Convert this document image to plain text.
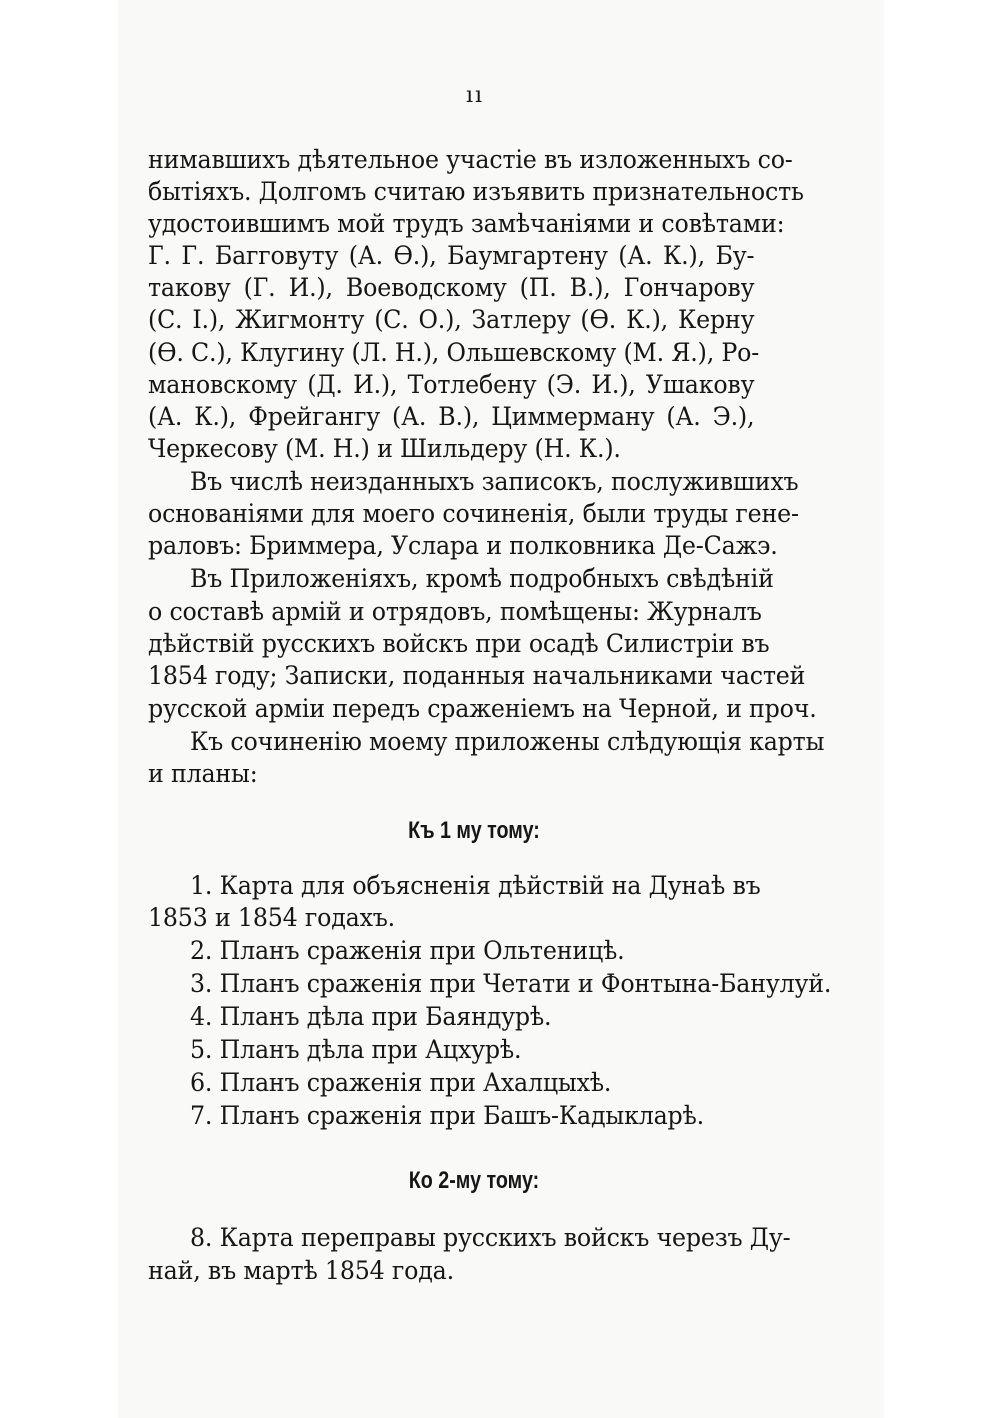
ıı
нимавшихъ дѣятельное участіе въ изложенныхъ со-
бытіяхъ. Долгомъ считаю изъявить признательность
удостоившимъ мой трудъ замѣчаніями и совѣтами:
Г. Г. Багговуту (А. Ѳ.), Баумгартену (А. К.), Бу-
такову (Г. И.), Воеводскому (П. В.), Гончарову
(С. І.), Жигмонту (С. О.), Затлеру (Ѳ. К.), Керну
(Ѳ. С.), Клугину (Л. Н.), Ольшевскому (М. Я.), Ро-
мановскому (Д. И.), Тотлебену (Э. И.), Ушакову
(А. К.), Фрейгангу (А. В.), Циммерману (А. Э.),
Черкесову (М. Н.) и Шильдеру (Н. К.).
Въ числѣ неизданныхъ записокъ, послужившихъ
основаніями для моего сочиненія, были труды гене-
раловъ: Бриммера, Услара и полковника Де-Сажэ.
Въ Приложеніяхъ, кромѣ подробныхъ свѣдѣній
о составѣ армій и отрядовъ, помѣщены: Журналъ
дѣйствій русскихъ войскъ при осадѣ Силистріи въ
1854 году; Записки, поданныя начальниками частей
русской арміи передъ сраженіемъ на Черной, и проч.
Къ сочиненію моему приложены слѣдующія карты
и планы:
Къ 1 му тому:
1. Карта для объясненія дѣйствій на Дунаѣ въ
1853 и 1854 годахъ.
2. Планъ сраженія при Ольтеницѣ.
3. Планъ сраженія при Четати и Фонтына-Банулуй.
4. Планъ дѣла при Баяндурѣ.
5. Планъ дѣла при Ацхурѣ.
6. Планъ сраженія при Ахалцыхѣ.
7. Планъ сраженія при Башъ-Кадыкларѣ.
Ко 2-му тому:
8. Карта переправы русскихъ войскъ черезъ Ду-
най, въ мартѣ 1854 года.
